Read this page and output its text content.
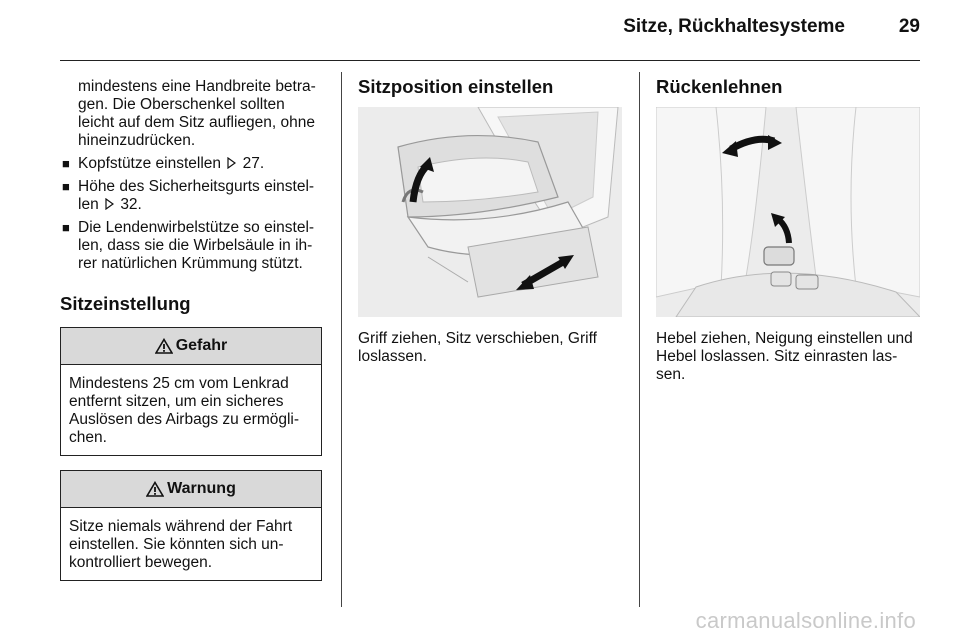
Sitze, Rückhaltesysteme	29

mindestens eine Handbreite betra-gen. Die Oberschenkel sollten leicht auf dem Sitz aufliegen, ohne hineinzudrücken.

■ Kopfstütze einstellen 27.
■ Höhe des Sicherheitsgurts einstel-len 32.
■ Die Lendenwirbelstütze so einstel-len, dass sie die Wirbelsäule in ih-rer natürlichen Krümmung stützt.
Sitzeinstellung
Gefahr
Mindestens 25 cm vom Lenkrad entfernt sitzen, um ein sicheres Auslösen des Airbags zu ermögli-chen.
Warnung
Sitze niemals während der Fahrt einstellen. Sie könnten sich un-kontrolliert bewegen.
Sitzposition einstellen
Griff ziehen, Sitz verschieben, Griff loslassen.
Rückenlehnen
Hebel ziehen, Neigung einstellen und Hebel loslassen. Sitz einrasten las-sen.
carmanualsonline.info
